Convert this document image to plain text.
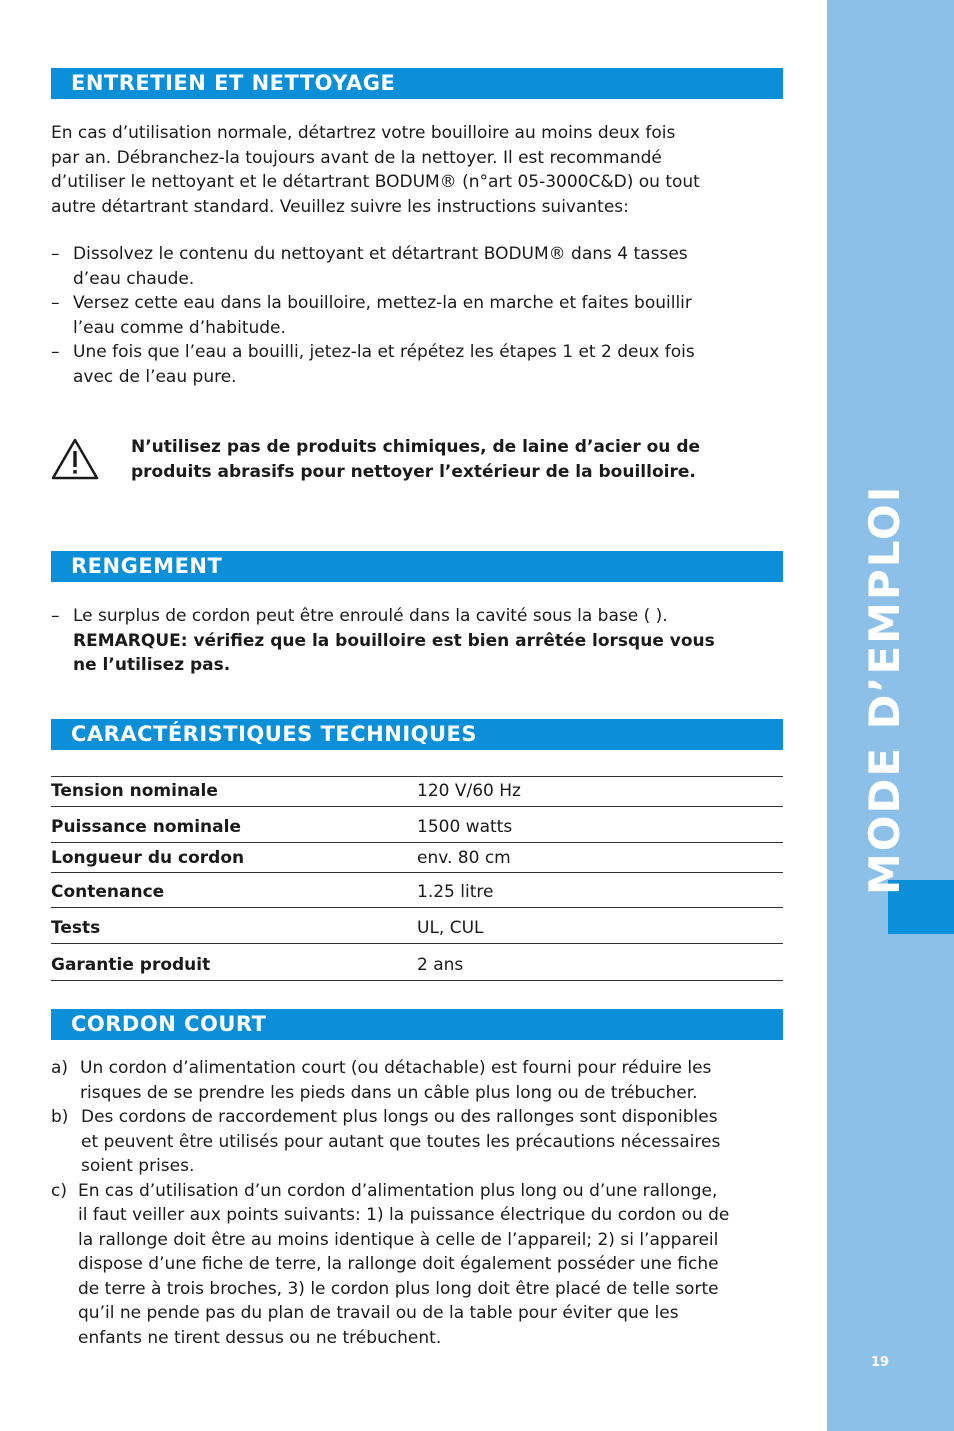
MODE D’EMPLOI
19
ENTRETIEN ET NETTOYAGE
En cas d’utilisation normale, détartrez votre bouilloire au moins deux fois
par an. Débranchez-la toujours avant de la nettoyer. Il est recommandé
d’utiliser le nettoyant et le détartrant BODUM® (n°art 05-3000C&D) ou tout
autre détartrant standard. Veuillez suivre les instructions suivantes:
– Dissolvez le contenu du nettoyant et détartrant BODUM® dans 4 tasses
d’eau chaude.
– Versez cette eau dans la bouilloire, mettez-la en marche et faites bouillir
l’eau comme d’habitude.
– Une fois que l’eau a bouilli, jetez-la et répétez les étapes 1 et 2 deux fois
avec de l’eau pure.
N’utilisez pas de produits chimiques, de laine d’acier ou de
produits abrasifs pour nettoyer l’extérieur de la bouilloire.
RENGEMENT
– Le surplus de cordon peut être enroulé dans la cavité sous la base ( ).
REMARQUE: vérifiez que la bouilloire est bien arrêtée lorsque vous
ne l’utilisez pas.
CARACTÉRISTIQUES TECHNIQUES
Tension nominale	120 V/60 Hz
Puissance nominale	1500 watts
Longueur du cordon	env. 80 cm
Contenance	1.25 litre
Tests	UL, CUL
Garantie produit	2 ans
CORDON COURT
a) Un cordon d’alimentation court (ou détachable) est fourni pour réduire les
risques de se prendre les pieds dans un câble plus long ou de trébucher.
b) Des cordons de raccordement plus longs ou des rallonges sont disponibles
et peuvent être utilisés pour autant que toutes les précautions nécessaires
soient prises.
c) En cas d’utilisation d’un cordon d’alimentation plus long ou d’une rallonge,
il faut veiller aux points suivants: 1) la puissance électrique du cordon ou de
la rallonge doit être au moins identique à celle de l’appareil; 2) si l’appareil
dispose d’une fiche de terre, la rallonge doit également posséder une fiche
de terre à trois broches, 3) le cordon plus long doit être placé de telle sorte
qu’il ne pende pas du plan de travail ou de la table pour éviter que les
enfants ne tirent dessus ou ne trébuchent.
